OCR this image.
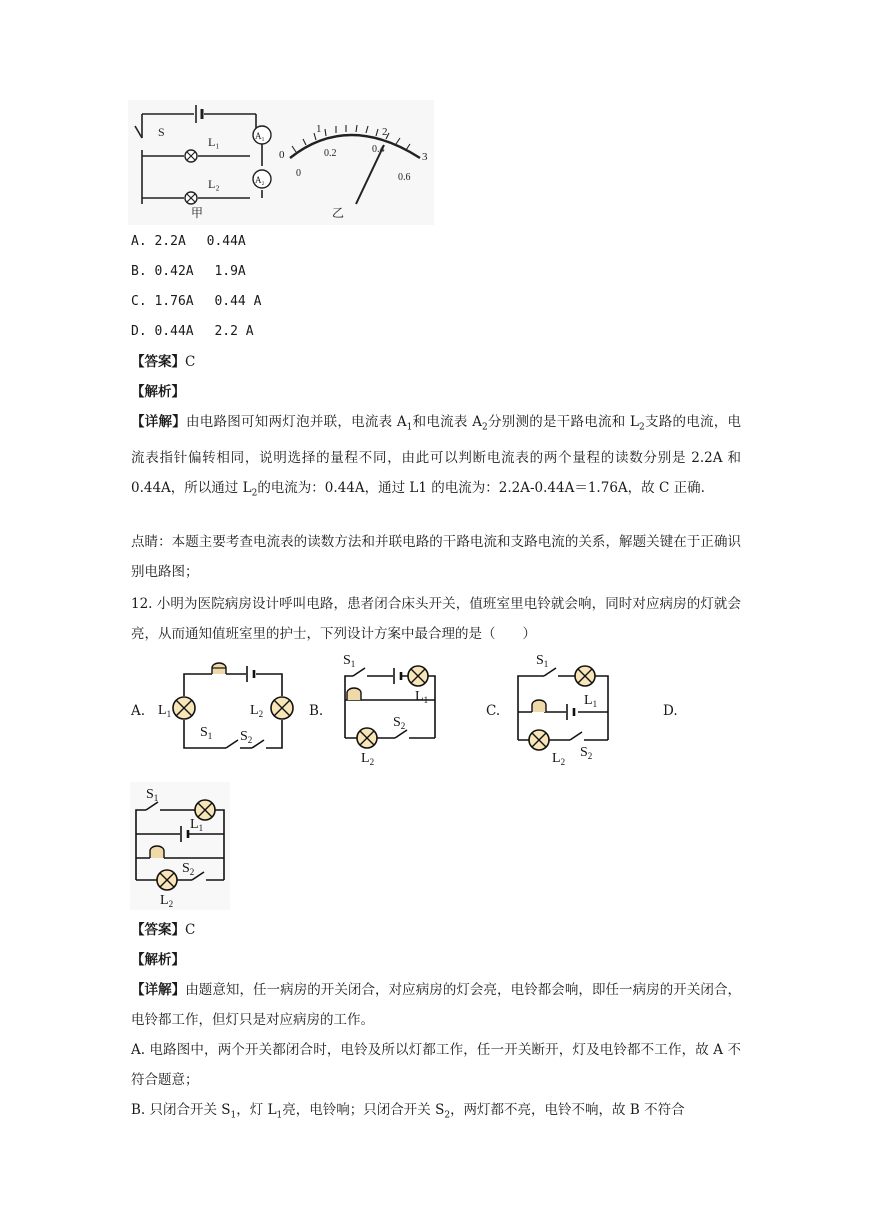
S
L₁
L₂
A₁
A₂
甲
0
1	2
3
0
0.2	0.4
0.6
乙
A. 2.2A　 0.44A
B. 0.42A　 1.9A
C. 1.76A　 0.44 A
D. 0.44A　 2.2 A
【答案】C
【解析】
【详解】由电路图可知两灯泡并联，电流表 $A_1$和电流表 $A_2$分别测的是干路电流和 $L_2$支路的电流，电流表指针偏转相同，说明选择的量程不同，由此可以判断电流表的两个量程的读数分别是 2.2A 和 0.44A，所以通过 $L_2$的电流为：0.44A，通过 L1 的电流为：2.2A-0.44A＝1.76A，故 C 正确.
点睛：本题主要考查电流表的读数方法和并联电路的干路电流和支路电流的关系，解题关键在于正确识别电路图；
12. 小明为医院病房设计呼叫电路，患者闭合床头开关，值班室里电铃就会响，同时对应病房的灯就会亮，从而通知值班室里的护士，下列设计方案中最合理的是（　　）
A.	B.	C.	D.
$L_1$	$L_2$
$S_1$ $S_2$
$S_1$
$L_1$
$S_2$
$L_2$
$S_1$
$L_1$
$S_2$
$L_2$
$S_1$
$L_1$
$S_2$
$L_2$
【答案】C
【解析】
【详解】由题意知，任一病房的开关闭合，对应病房的灯会亮，电铃都会响，即任一病房的开关闭合，电铃都工作，但灯只是对应病房的工作。
A. 电路图中，两个开关都闭合时，电铃及所以灯都工作，任一开关断开，灯及电铃都不工作，故 A 不符合题意；
B. 只闭合开关 $S_1$，灯 $L_1$亮，电铃响；只闭合开关 $S_2$，两灯都不亮，电铃不响，故 B 不符合
